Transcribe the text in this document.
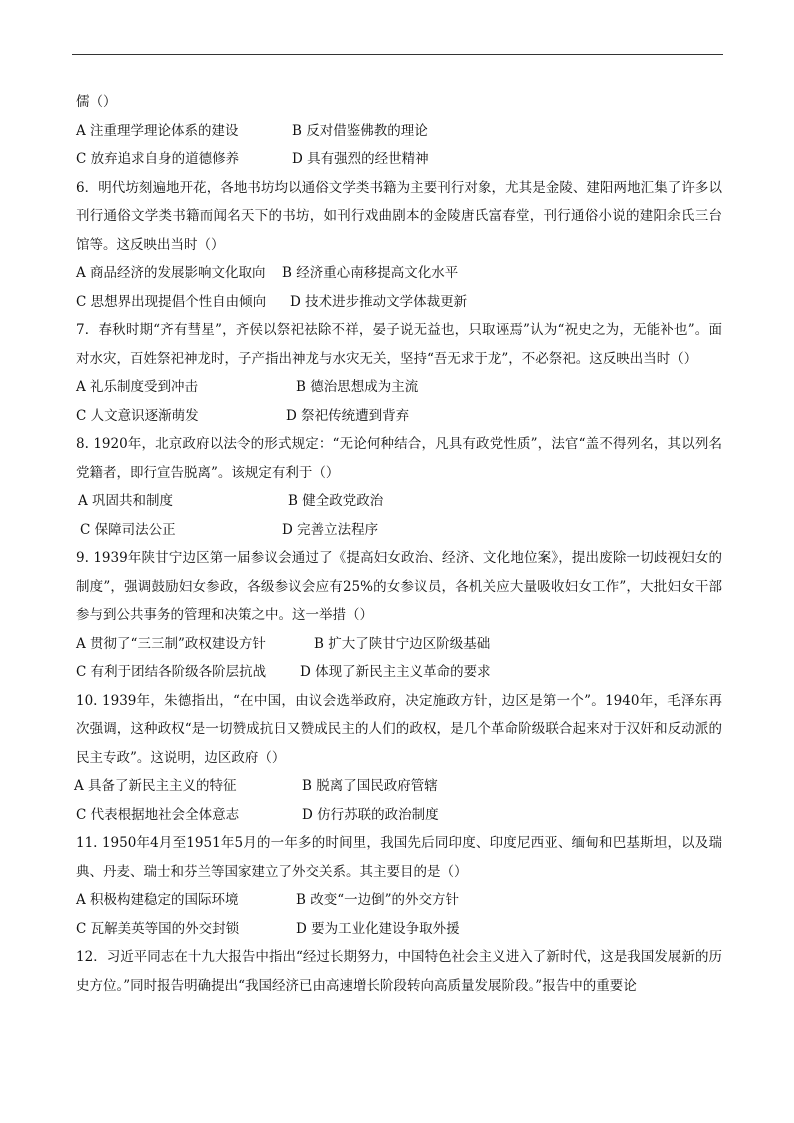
儒（）
A 注重理学理论体系的建设	B 反对借鉴佛教的理论
C 放弃追求自身的道德修养	D 具有强烈的经世精神
6．明代坊刻遍地开花，各地书坊均以通俗文学类书籍为主要刊行对象，尤其是金陵、建阳两地汇集了许多以刊行通俗文学类书籍而闻名天下的书坊，如刊行戏曲剧本的金陵唐氏富春堂，刊行通俗小说的建阳余氏三台馆等。这反映出当时（）
A 商品经济的发展影响文化取向 B 经济重心南移提高文化水平
C 思想界出现提倡个性自由倾向 D 技术进步推动文学体裁更新
7．春秋时期“齐有彗星”，齐侯以祭祀祛除不祥，晏子说无益也，只取诬焉”认为“祝史之为，无能补也”。面对水灾，百姓祭祀神龙时，子产指出神龙与水灾无关，坚持“吾无求于龙”，不必祭祀。这反映出当时（）
A 礼乐制度受到冲击	B 德治思想成为主流
C 人文意识逐渐萌发	D 祭祀传统遭到背弃
8. 1920年，北京政府以法令的形式规定：“无论何种结合，凡具有政党性质”，法官“盖不得列名，其以列名党籍者，即行宣告脱离”。该规定有利于（）
A 巩固共和制度	B 健全政党政治
C 保障司法公正	D 完善立法程序
9. 1939年陕甘宁边区第一届参议会通过了《提高妇女政治、经济、文化地位案》，提出废除一切歧视妇女的制度”，强调鼓励妇女参政，各级参议会应有25%的女参议员，各机关应大量吸收妇女工作”，大批妇女干部参与到公共事务的管理和决策之中。这一举措（）
A 贯彻了“三三制”政权建设方针	B 扩大了陕甘宁边区阶级基础
C 有利于团结各阶级各阶层抗战	D 体现了新民主主义革命的要求
10. 1939年，朱德指出，“在中国，由议会选举政府，决定施政方针，边区是第一个”。1940年，毛泽东再次强调，这种政权“是一切赞成抗日又赞成民主的人们的政权，是几个革命阶级联合起来对于汉奸和反动派的民主专政”。这说明，边区政府（）
A 具备了新民主主义的特征	B 脱离了国民政府管辖
C 代表根据地社会全体意志	D 仿行苏联的政治制度
11. 1950年4月至1951年5月的一年多的时间里，我国先后同印度、印度尼西亚、缅甸和巴基斯坦，以及瑞典、丹麦、瑞士和芬兰等国家建立了外交关系。其主要目的是（）
A 积极构建稳定的国际环境	B 改变“一边倒”的外交方针
C 瓦解美英等国的外交封锁	D 要为工业化建设争取外援
12．习近平同志在十九大报告中指出“经过长期努力，中国特色社会主义进入了新时代，这是我国发展新的历史方位。”同时报告明确提出“我国经济已由高速增长阶段转向高质量发展阶段。”报告中的重要论
